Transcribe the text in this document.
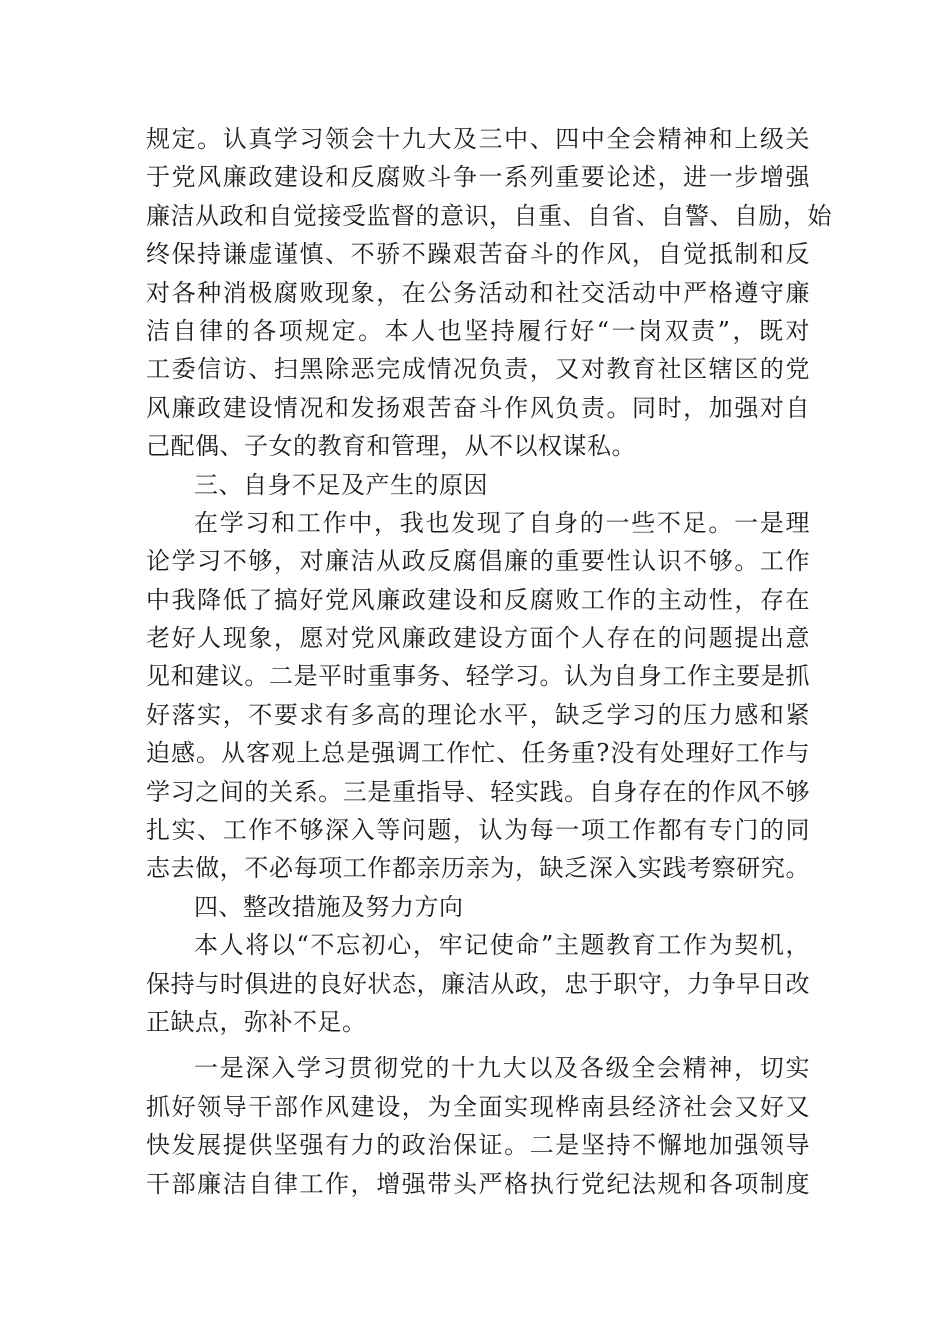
规定。认真学习领会十九大及三中、四中全会精神和上级关
于党风廉政建设和反腐败斗争一系列重要论述，进一步增强
廉洁从政和自觉接受监督的意识，自重、自省、自警、自励，始
终保持谦虚谨慎、不骄不躁艰苦奋斗的作风，自觉抵制和反
对各种消极腐败现象，在公务活动和社交活动中严格遵守廉
洁自律的各项规定。本人也坚持履行好“一岗双责”，既对
工委信访、扫黑除恶完成情况负责，又对教育社区辖区的党
风廉政建设情况和发扬艰苦奋斗作风负责。同时，加强对自
己配偶、子女的教育和管理，从不以权谋私。
三、自身不足及产生的原因
在学习和工作中，我也发现了自身的一些不足。一是理
论学习不够，对廉洁从政反腐倡廉的重要性认识不够。工作
中我降低了搞好党风廉政建设和反腐败工作的主动性，存在
老好人现象，愿对党风廉政建设方面个人存在的问题提出意
见和建议。二是平时重事务、轻学习。认为自身工作主要是抓
好落实，不要求有多高的理论水平，缺乏学习的压力感和紧
迫感。从客观上总是强调工作忙、任务重?没有处理好工作与
学习之间的关系。三是重指导、轻实践。自身存在的作风不够
扎实、工作不够深入等问题，认为每一项工作都有专门的同
志去做，不必每项工作都亲历亲为，缺乏深入实践考察研究。
四、整改措施及努力方向
本人将以“不忘初心，牢记使命”主题教育工作为契机，
保持与时俱进的良好状态，廉洁从政，忠于职守，力争早日改
正缺点，弥补不足。
一是深入学习贯彻党的十九大以及各级全会精神，切实
抓好领导干部作风建设，为全面实现桦南县经济社会又好又
快发展提供坚强有力的政治保证。二是坚持不懈地加强领导
干部廉洁自律工作，增强带头严格执行党纪法规和各项制度
